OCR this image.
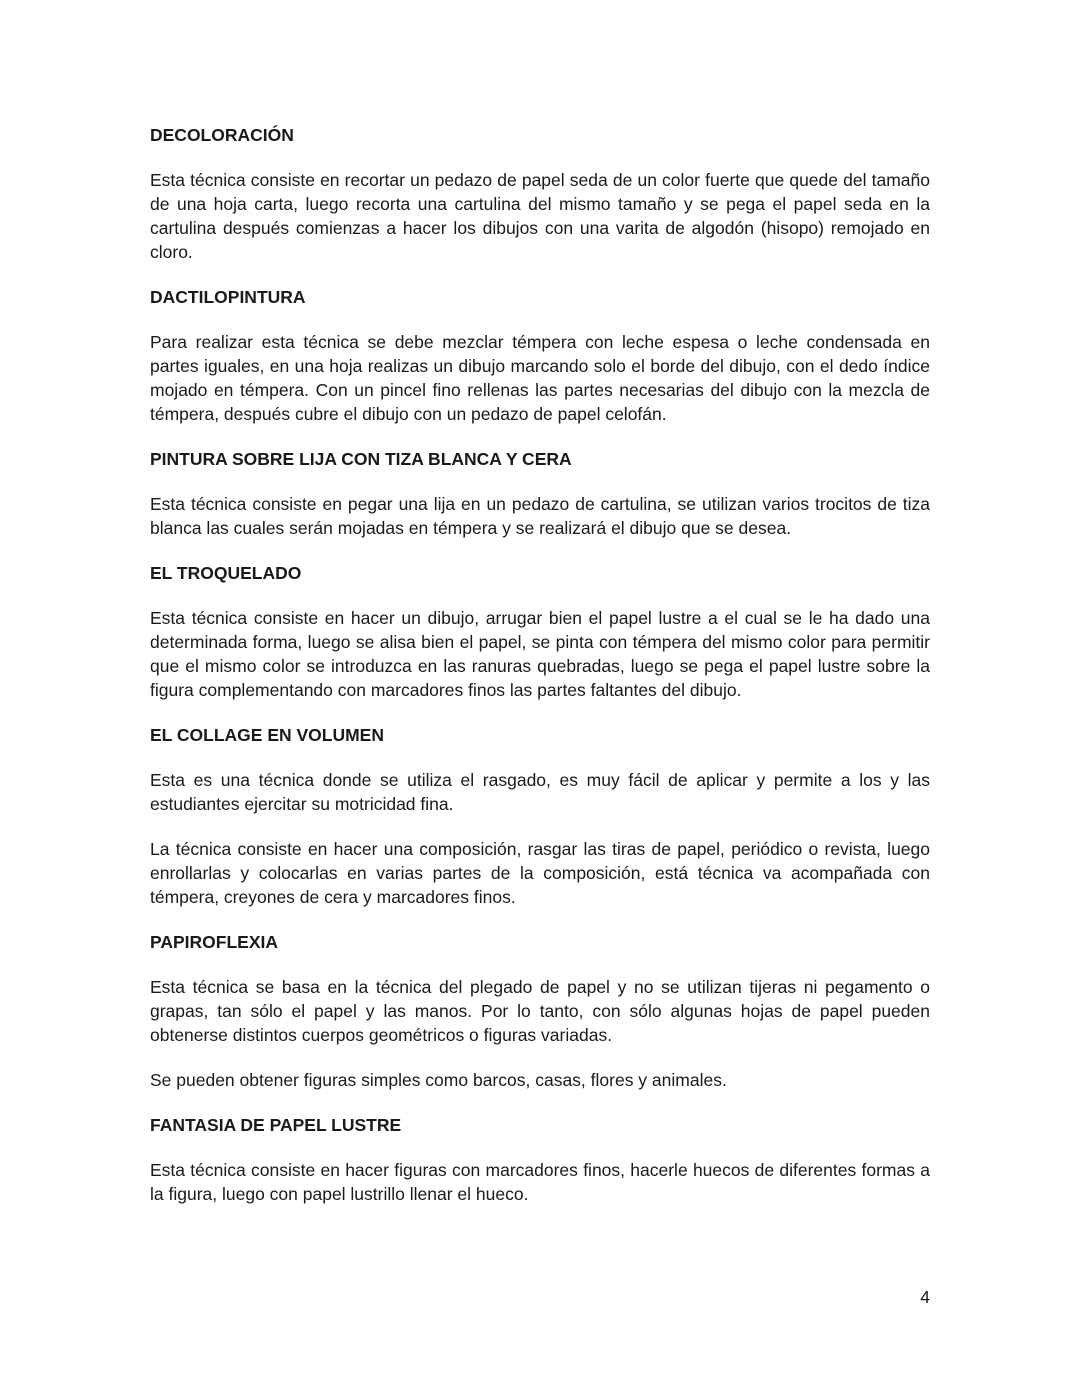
DECOLORACIÓN

Esta técnica consiste en recortar un pedazo de papel seda de un color fuerte que quede del tamaño de una hoja carta, luego recorta una cartulina del mismo tamaño y se pega el papel seda en la cartulina después comienzas a hacer los dibujos con una varita de algodón (hisopo) remojado en cloro.

DACTILOPINTURA

Para realizar esta técnica se debe mezclar témpera con leche espesa o leche condensada en partes iguales, en una hoja realizas un dibujo marcando solo el borde del dibujo, con el dedo índice mojado en témpera. Con un pincel fino rellenas las partes necesarias del dibujo con la mezcla de témpera, después cubre el dibujo con un pedazo de papel celofán.

PINTURA SOBRE LIJA CON TIZA BLANCA Y CERA

Esta técnica consiste en pegar una lija en un pedazo de cartulina, se utilizan varios trocitos de tiza blanca las cuales serán mojadas en témpera y se realizará el dibujo que se desea.

EL TROQUELADO

Esta técnica consiste en hacer un dibujo, arrugar bien el papel lustre a el cual se le ha dado una determinada forma, luego se alisa bien el papel, se pinta con témpera del mismo color para permitir que el mismo color se introduzca en las ranuras quebradas, luego se pega el papel lustre sobre la figura complementando con marcadores finos las partes faltantes del dibujo.

EL COLLAGE EN VOLUMEN

Esta es una técnica donde se utiliza el rasgado, es muy fácil de aplicar y permite a los y las estudiantes ejercitar su motricidad fina.

La técnica consiste en hacer una composición, rasgar las tiras de papel, periódico o revista, luego enrollarlas y colocarlas en varias partes de la composición, está técnica va acompañada con témpera, creyones de cera y marcadores finos.

PAPIROFLEXIA

Esta técnica se basa en la técnica del plegado de papel y no se utilizan tijeras ni pegamento o grapas, tan sólo el papel y las manos. Por lo tanto, con sólo algunas hojas de papel pueden obtenerse distintos cuerpos geométricos o figuras variadas.

Se pueden obtener figuras simples como barcos, casas, flores y animales.

FANTASIA DE PAPEL LUSTRE

Esta técnica consiste en hacer figuras con marcadores finos, hacerle huecos de diferentes formas a la figura, luego con papel lustrillo llenar el hueco.

4
